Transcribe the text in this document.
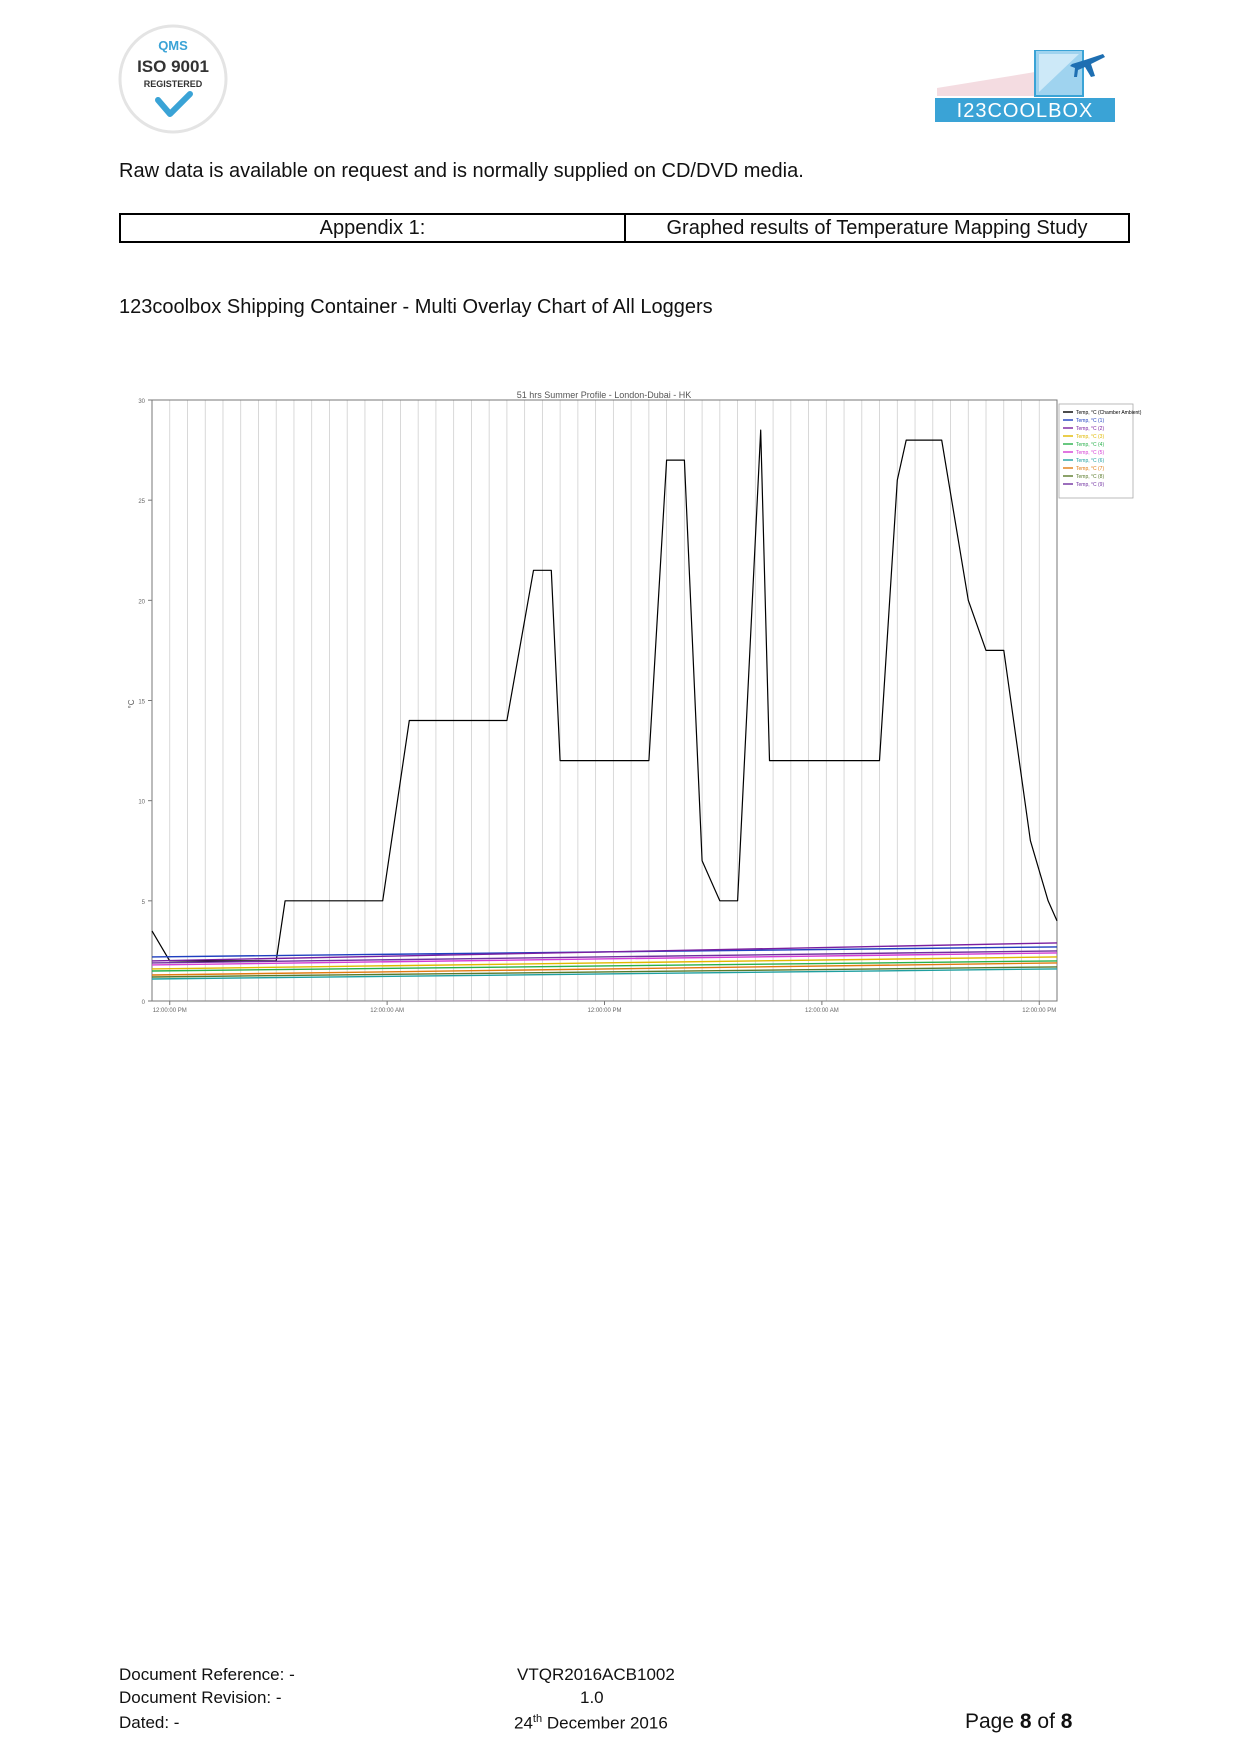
QMS
ISO 9001
REGISTERED
I23COOLBOX
Raw data is available on request and is normally supplied on CD/DVD media.
Appendix 1:	Graphed results of Temperature Mapping Study
123coolbox Shipping Container - Multi Overlay Chart of All Loggers
0
5
10
15
20
25
30
12:00:00 PM	12:00:00 AM	12:00:00 PM	12:00:00 AM	12:00:00 PM
51 hrs Summer Profile - London-Dubai - HK
°C
Temp, °C (Chamber Ambient)
Temp, °C (1)
Temp, °C (2)
Temp, °C (3)
Temp, °C (4)
Temp, °C (5)
Temp, °C (6)
Temp, °C (7)
Temp, °C (8)
Temp, °C (9)
Document Reference: -	VTQR2016ACB1002
Document Revision: -	1.0
Dated: -	24th December 2016	Page 8 of 8
